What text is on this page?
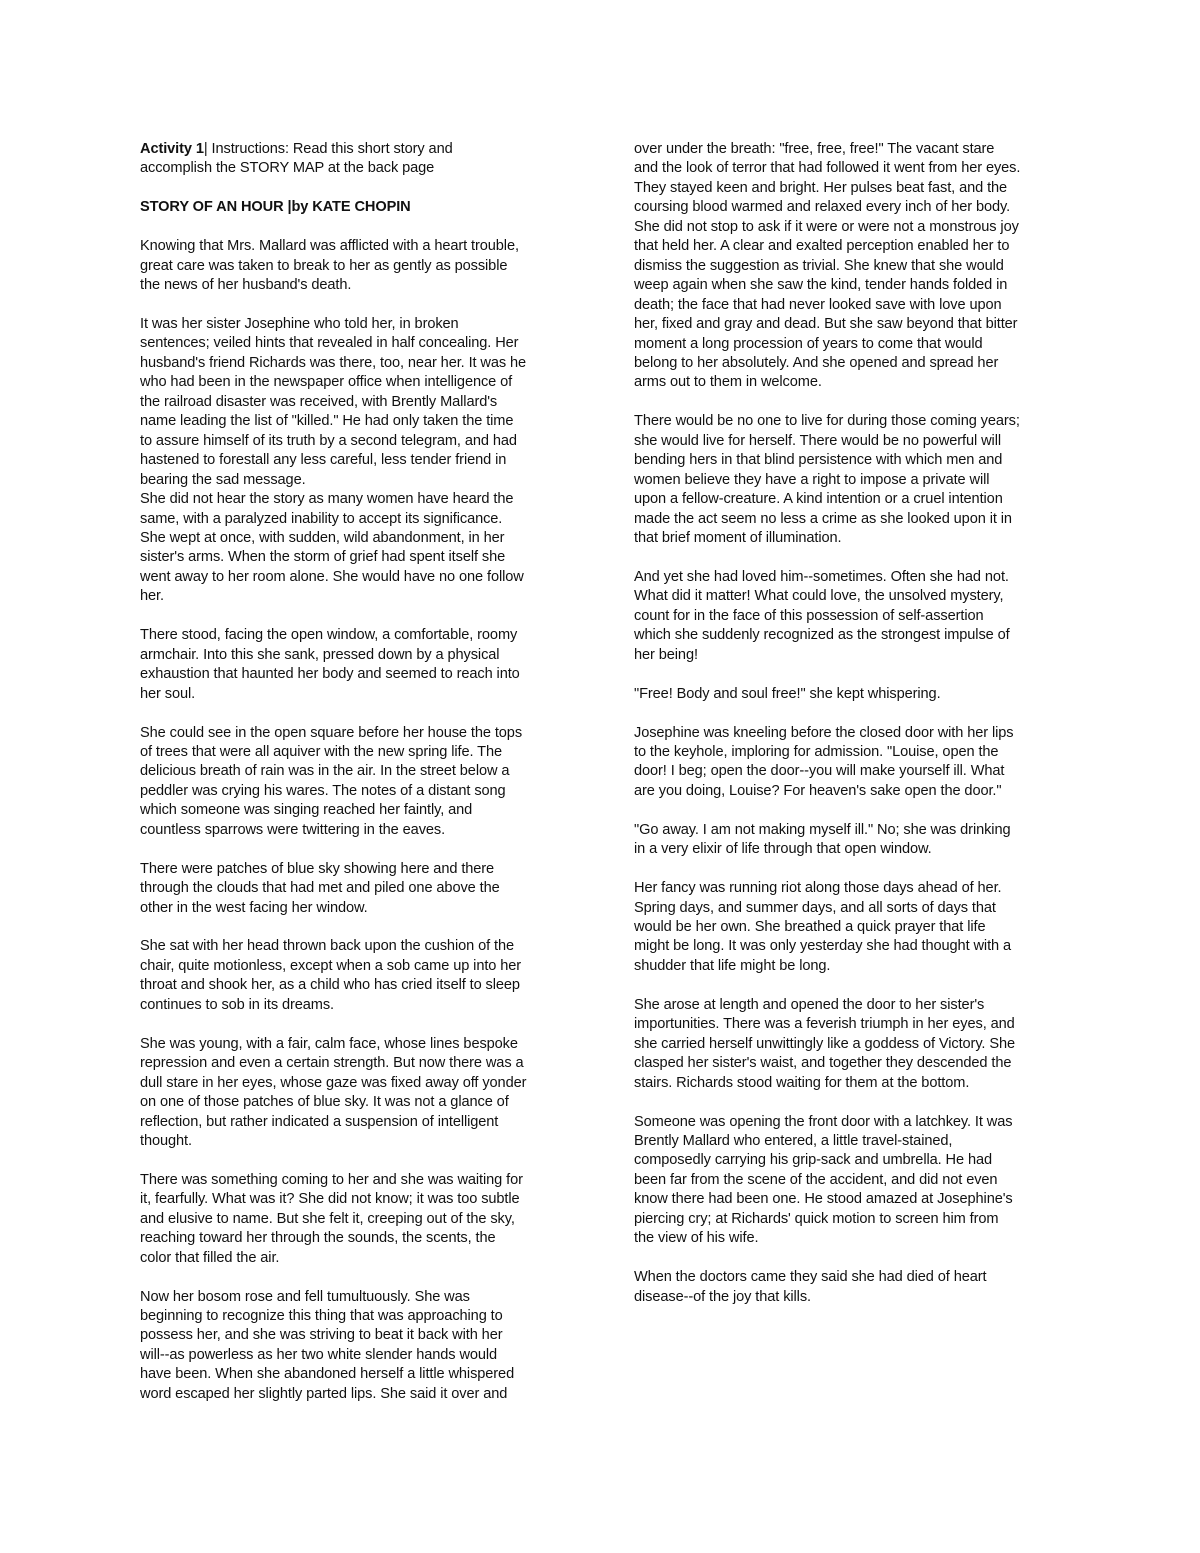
Activity 1| Instructions: Read this short story and
accomplish the STORY MAP at the back page

STORY OF AN HOUR |by KATE CHOPIN

Knowing that Mrs. Mallard was afflicted with a heart trouble,
great care was taken to break to her as gently as possible
the news of her husband's death.

It was her sister Josephine who told her, in broken
sentences; veiled hints that revealed in half concealing. Her
husband's friend Richards was there, too, near her. It was he
who had been in the newspaper office when intelligence of
the railroad disaster was received, with Brently Mallard's
name leading the list of "killed." He had only taken the time
to assure himself of its truth by a second telegram, and had
hastened to forestall any less careful, less tender friend in
bearing the sad message.

She did not hear the story as many women have heard the
same, with a paralyzed inability to accept its significance.
She wept at once, with sudden, wild abandonment, in her
sister's arms. When the storm of grief had spent itself she
went away to her room alone. She would have no one follow
her.

There stood, facing the open window, a comfortable, roomy
armchair. Into this she sank, pressed down by a physical
exhaustion that haunted her body and seemed to reach into
her soul.

She could see in the open square before her house the tops
of trees that were all aquiver with the new spring life. The
delicious breath of rain was in the air. In the street below a
peddler was crying his wares. The notes of a distant song
which someone was singing reached her faintly, and
countless sparrows were twittering in the eaves.

There were patches of blue sky showing here and there
through the clouds that had met and piled one above the
other in the west facing her window.

She sat with her head thrown back upon the cushion of the
chair, quite motionless, except when a sob came up into her
throat and shook her, as a child who has cried itself to sleep
continues to sob in its dreams.

She was young, with a fair, calm face, whose lines bespoke
repression and even a certain strength. But now there was a
dull stare in her eyes, whose gaze was fixed away off yonder
on one of those patches of blue sky. It was not a glance of
reflection, but rather indicated a suspension of intelligent
thought.

There was something coming to her and she was waiting for
it, fearfully. What was it? She did not know; it was too subtle
and elusive to name. But she felt it, creeping out of the sky,
reaching toward her through the sounds, the scents, the
color that filled the air.

Now her bosom rose and fell tumultuously. She was
beginning to recognize this thing that was approaching to
possess her, and she was striving to beat it back with her
will--as powerless as her two white slender hands would
have been. When she abandoned herself a little whispered
word escaped her slightly parted lips. She said it over and

over under the breath: "free, free, free!" The vacant stare
and the look of terror that had followed it went from her eyes.
They stayed keen and bright. Her pulses beat fast, and the
coursing blood warmed and relaxed every inch of her body.
She did not stop to ask if it were or were not a monstrous joy
that held her. A clear and exalted perception enabled her to
dismiss the suggestion as trivial. She knew that she would
weep again when she saw the kind, tender hands folded in
death; the face that had never looked save with love upon
her, fixed and gray and dead. But she saw beyond that bitter
moment a long procession of years to come that would
belong to her absolutely. And she opened and spread her
arms out to them in welcome.

There would be no one to live for during those coming years;
she would live for herself. There would be no powerful will
bending hers in that blind persistence with which men and
women believe they have a right to impose a private will
upon a fellow-creature. A kind intention or a cruel intention
made the act seem no less a crime as she looked upon it in
that brief moment of illumination.

And yet she had loved him--sometimes. Often she had not.
What did it matter! What could love, the unsolved mystery,
count for in the face of this possession of self-assertion
which she suddenly recognized as the strongest impulse of
her being!

"Free! Body and soul free!" she kept whispering.

Josephine was kneeling before the closed door with her lips
to the keyhole, imploring for admission. "Louise, open the
door! I beg; open the door--you will make yourself ill. What
are you doing, Louise? For heaven's sake open the door."

"Go away. I am not making myself ill." No; she was drinking
in a very elixir of life through that open window.

Her fancy was running riot along those days ahead of her.
Spring days, and summer days, and all sorts of days that
would be her own. She breathed a quick prayer that life
might be long. It was only yesterday she had thought with a
shudder that life might be long.

She arose at length and opened the door to her sister's
importunities. There was a feverish triumph in her eyes, and
she carried herself unwittingly like a goddess of Victory. She
clasped her sister's waist, and together they descended the
stairs. Richards stood waiting for them at the bottom.

Someone was opening the front door with a latchkey. It was
Brently Mallard who entered, a little travel-stained,
composedly carrying his grip-sack and umbrella. He had
been far from the scene of the accident, and did not even
know there had been one. He stood amazed at Josephine's
piercing cry; at Richards' quick motion to screen him from
the view of his wife.

When the doctors came they said she had died of heart
disease--of the joy that kills.
